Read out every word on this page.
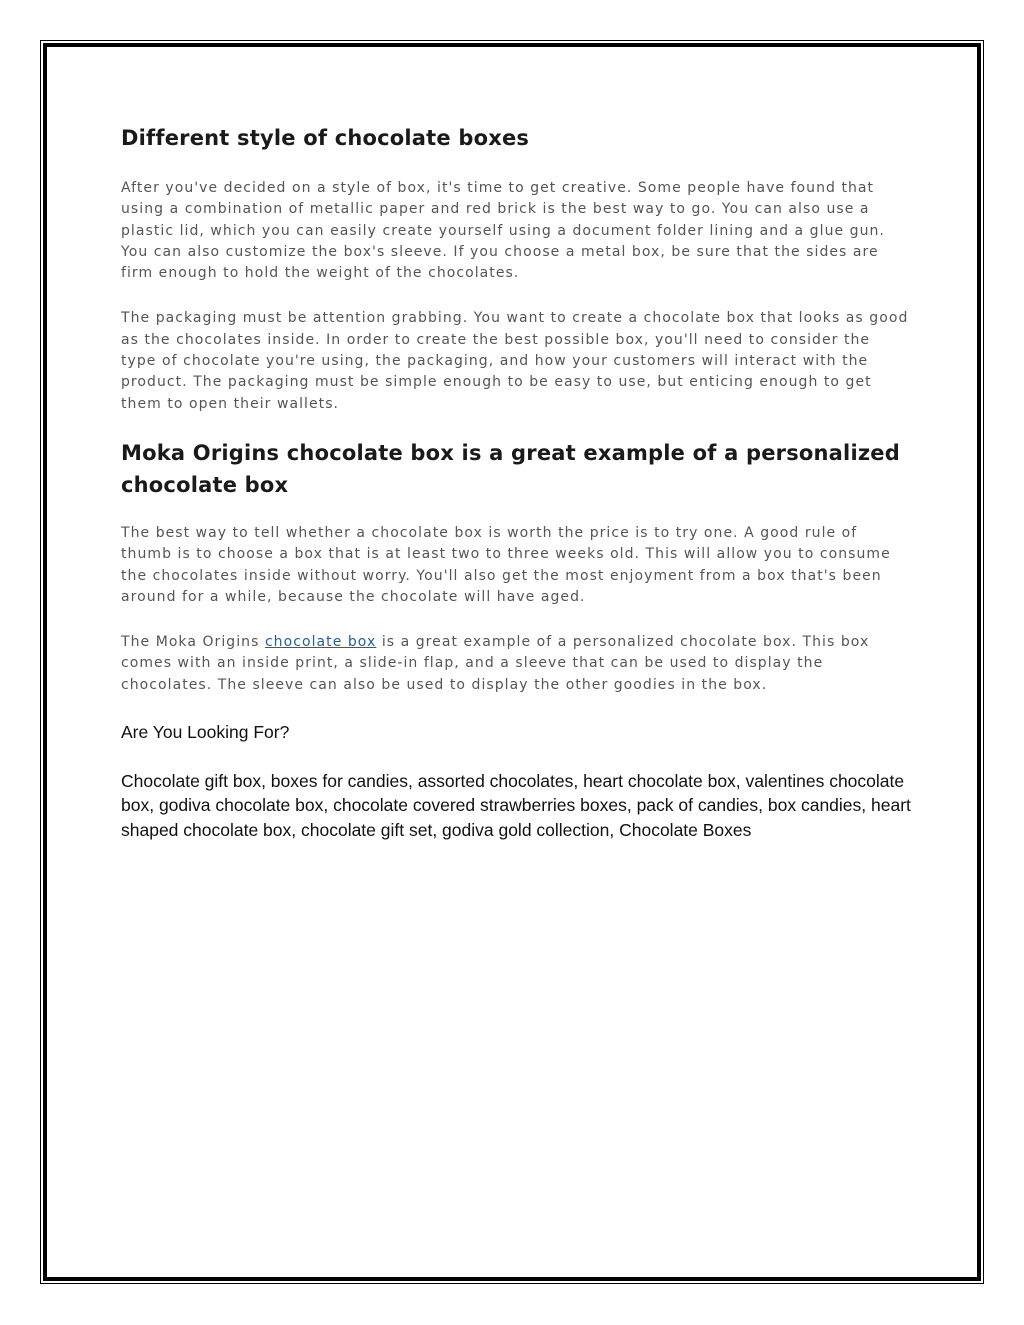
Different style of chocolate boxes

After you've decided on a style of box, it's time to get creative. Some people have found that using a combination of metallic paper and red brick is the best way to go. You can also use a plastic lid, which you can easily create yourself using a document folder lining and a glue gun. You can also customize the box's sleeve. If you choose a metal box, be sure that the sides are firm enough to hold the weight of the chocolates.

The packaging must be attention grabbing. You want to create a chocolate box that looks as good as the chocolates inside. In order to create the best possible box, you'll need to consider the type of chocolate you're using, the packaging, and how your customers will interact with the product. The packaging must be simple enough to be easy to use, but enticing enough to get them to open their wallets.

Moka Origins chocolate box is a great example of a personalized chocolate box

The best way to tell whether a chocolate box is worth the price is to try one. A good rule of thumb is to choose a box that is at least two to three weeks old. This will allow you to consume the chocolates inside without worry. You'll also get the most enjoyment from a box that's been around for a while, because the chocolate will have aged.

The Moka Origins chocolate box is a great example of a personalized chocolate box. This box comes with an inside print, a slide-in flap, and a sleeve that can be used to display the chocolates. The sleeve can also be used to display the other goodies in the box.

Are You Looking For?

Chocolate gift box, boxes for candies, assorted chocolates, heart chocolate box, valentines chocolate box, godiva chocolate box, chocolate covered strawberries boxes, pack of candies, box candies, heart shaped chocolate box, chocolate gift set, godiva gold collection, Chocolate Boxes
